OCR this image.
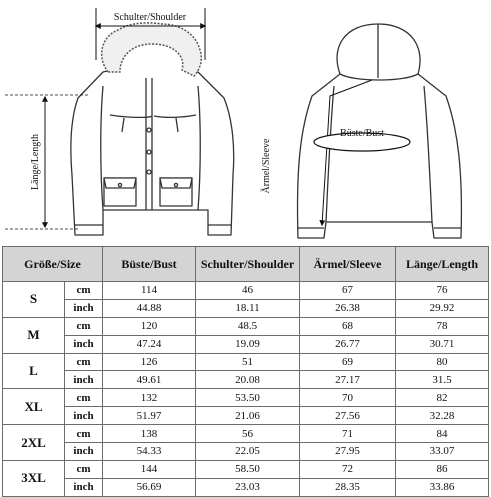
Schulter/Shoulder
Länge/Length	Ärmel/Sleeve
Büste/Bust
Größe/Size		Büste/Bust	Schulter/Shoulder	Ärmel/Sleeve	Länge/Length
S	cm	114	46	67	76
	inch	44.88	18.11	26.38	29.92
M	cm	120	48.5	68	78
	inch	47.24	19.09	26.77	30.71
L	cm	126	51	69	80
	inch	49.61	20.08	27.17	31.5
XL	cm	132	53.50	70	82
	inch	51.97	21.06	27.56	32.28
2XL	cm	138	56	71	84
	inch	54.33	22.05	27.95	33.07
3XL	cm	144	58.50	72	86
	inch	56.69	23.03	28.35	33.86
